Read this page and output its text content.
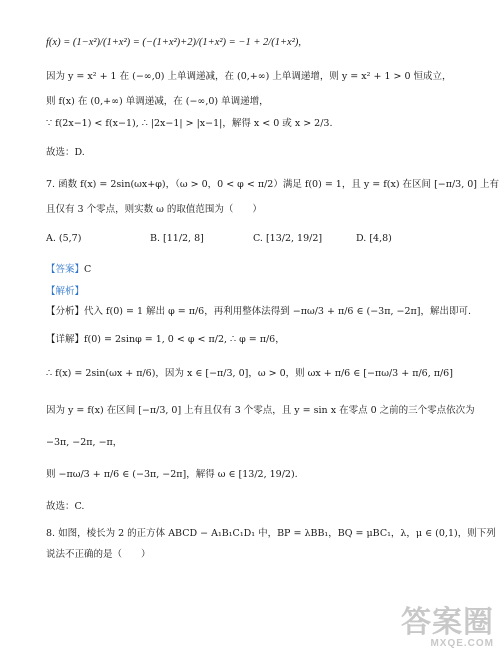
f(x) = (1−x²)/(1+x²) = (−(1+x²)+2)/(1+x²) = −1 + 2/(1+x²),
因为 y = x² + 1 在 (−∞,0) 上单调递减，在 (0,+∞) 上单调递增，则 y = x² + 1 > 0 恒成立，
则 f(x) 在 (0,+∞) 单调递减，在 (−∞,0) 单调递增，
∵ f(2x−1) < f(x−1), ∴ |2x−1| > |x−1|，解得 x < 0 或 x > 2/3.
故选：D.
7. 函数 f(x) = 2sin(ωx+φ)，（ω > 0，0 < φ < π/2）满足 f(0) = 1，且 y = f(x) 在区间 [−π/3, 0] 上有
且仅有 3 个零点，则实数 ω 的取值范围为（　　）
A. (5,7)	B. [11/2, 8]	C. [13/2, 19/2]	D. [4,8)
【答案】C
【解析】
【分析】代入 f(0) = 1 解出 φ = π/6，再利用整体法得到 −πω/3 + π/6 ∈ (−3π, −2π]，解出即可.
【详解】f(0) = 2sinφ = 1, 0 < φ < π/2, ∴ φ = π/6，
∴ f(x) = 2sin(ωx + π/6)，因为 x ∈ [−π/3, 0]，ω > 0，则 ωx + π/6 ∈ [−πω/3 + π/6, π/6]
因为 y = f(x) 在区间 [−π/3, 0] 上有且仅有 3 个零点，且 y = sin x 在零点 0 之前的三个零点依次为
−3π, −2π, −π，
则 −πω/3 + π/6 ∈ (−3π, −2π]，解得 ω ∈ [13/2, 19/2).
故选：C.
8. 如图，棱长为 2 的正方体 ABCD − A₁B₁C₁D₁ 中，BP = λBB₁，BQ = μBC₁，λ，μ ∈ (0,1)，则下列
说法不正确的是（　　）
答案圈
MXQE.COM
